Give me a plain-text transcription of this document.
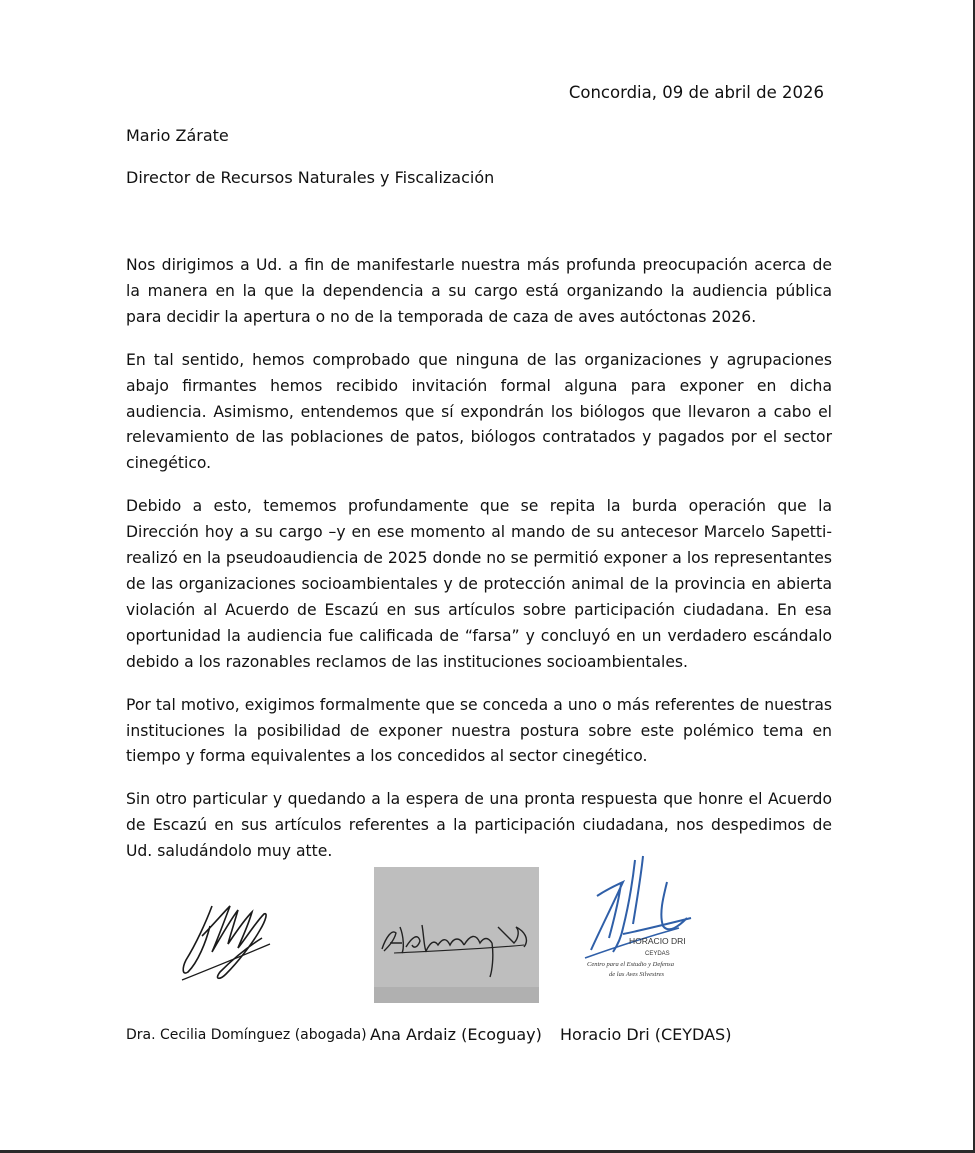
Concordia, 09 de abril de 2026
Mario Zárate
Director de Recursos Naturales y Fiscalización

Nos dirigimos a Ud. a fin de manifestarle nuestra más profunda preocupación acerca de la manera en la que la dependencia a su cargo está organizando la audiencia pública para decidir la apertura o no de la temporada de caza de aves autóctonas 2026.

En tal sentido, hemos comprobado que ninguna de las organizaciones y agrupaciones abajo firmantes hemos recibido invitación formal alguna para exponer en dicha audiencia. Asimismo, entendemos que sí expondrán los biólogos que llevaron a cabo el relevamiento de las poblaciones de patos, biólogos contratados y pagados por el sector cinegético.

Debido a esto, tememos profundamente que se repita la burda operación que la Dirección hoy a su cargo –y en ese momento al mando de su antecesor Marcelo Sapetti- realizó en la pseudoaudiencia de 2025 donde no se permitió exponer a los representantes de las organizaciones socioambientales y de protección animal de la provincia en abierta violación al Acuerdo de Escazú en sus artículos sobre participación ciudadana. En esa oportunidad la audiencia fue calificada de “farsa” y concluyó en un verdadero escándalo debido a los razonables reclamos de las instituciones socioambientales.

Por tal motivo, exigimos formalmente que se conceda a uno o más referentes de nuestras instituciones la posibilidad de exponer nuestra postura sobre este polémico tema en tiempo y forma equivalentes a los concedidos al sector cinegético.

Sin otro particular y quedando a la espera de una pronta respuesta que honre el Acuerdo de Escazú en sus artículos referentes a la participación ciudadana, nos despedimos de Ud. saludándolo muy atte.

HORACIO DRI
CEYDAS
Centro para el Estudio y Defensa
de las Aves Silvestres
Dra. Cecilia Domínguez (abogada) Ana Ardaiz (Ecoguay) Horacio Dri (CEYDAS)
